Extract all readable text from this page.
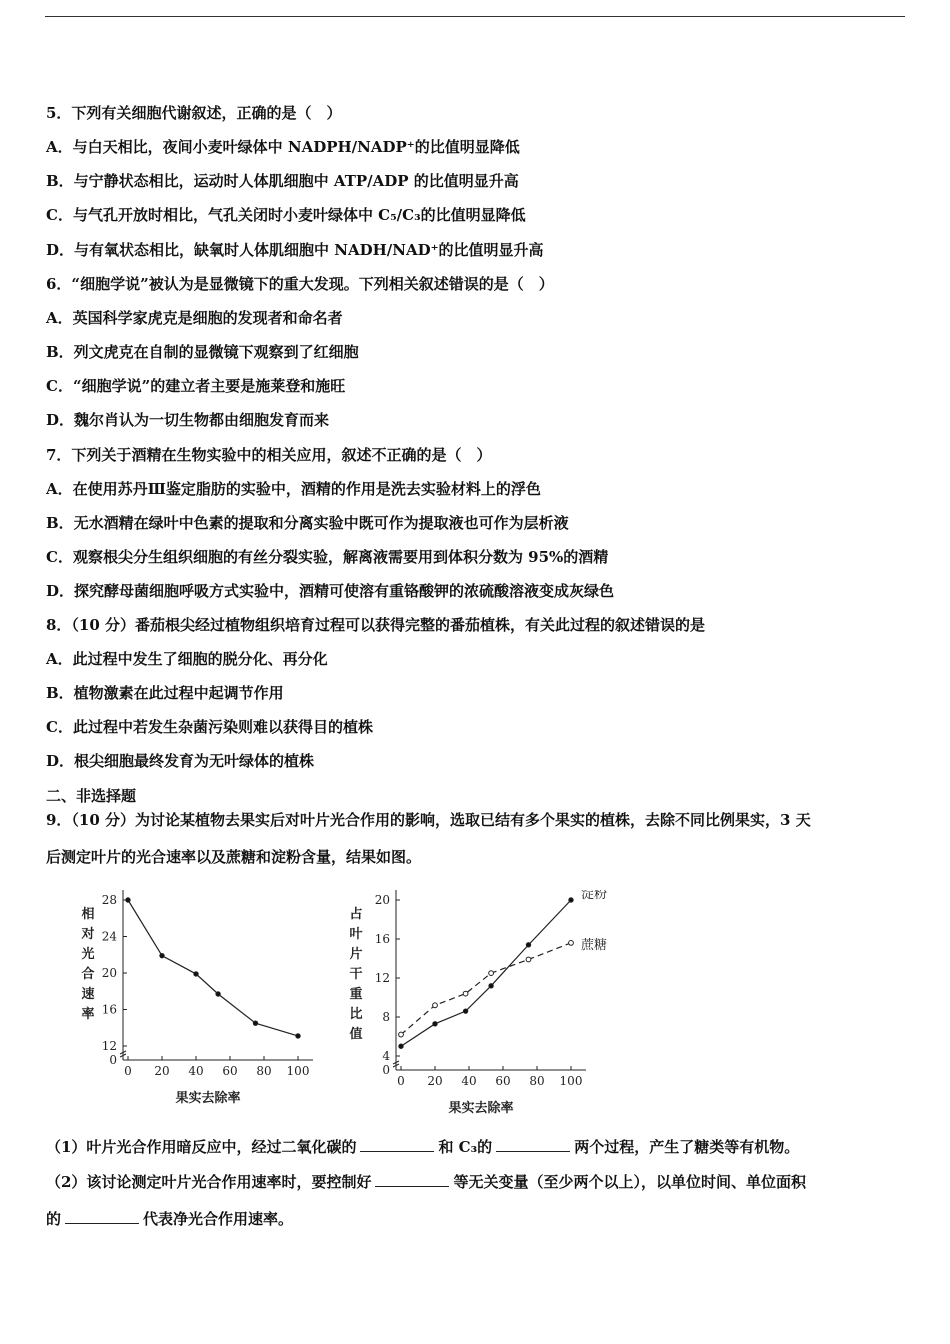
5．下列有关细胞代谢叙述，正确的是（　）
A．与白天相比，夜间小麦叶绿体中 NADPH/NADP⁺的比值明显降低
B．与宁静状态相比，运动时人体肌细胞中 ATP/ADP 的比值明显升高
C．与气孔开放时相比，气孔关闭时小麦叶绿体中 C₅/C₃的比值明显降低
D．与有氧状态相比，缺氧时人体肌细胞中 NADH/NAD⁺的比值明显升高
6．“细胞学说”被认为是显微镜下的重大发现。下列相关叙述错误的是（　）
A．英国科学家虎克是细胞的发现者和命名者
B．列文虎克在自制的显微镜下观察到了红细胞
C．“细胞学说”的建立者主要是施莱登和施旺
D．魏尔肖认为一切生物都由细胞发育而来
7．下列关于酒精在生物实验中的相关应用，叙述不正确的是（　）
A．在使用苏丹Ⅲ鉴定脂肪的实验中，酒精的作用是洗去实验材料上的浮色
B．无水酒精在绿叶中色素的提取和分离实验中既可作为提取液也可作为层析液
C．观察根尖分生组织细胞的有丝分裂实验，解离液需要用到体积分数为 95%的酒精
D．探究酵母菌细胞呼吸方式实验中，酒精可使溶有重铬酸钾的浓硫酸溶液变成灰绿色
8．（10 分）番茄根尖经过植物组织培育过程可以获得完整的番茄植株，有关此过程的叙述错误的是
A．此过程中发生了细胞的脱分化、再分化
B．植物激素在此过程中起调节作用
C．此过程中若发生杂菌污染则难以获得目的植株
D．根尖细胞最终发育为无叶绿体的植株
二、非选择题
9．（10 分）为讨论某植物去果实后对叶片光合作用的影响，选取已结有多个果实的植株，去除不同比例果实，3 天
后测定叶片的光合速率以及蔗糖和淀粉含量，结果如图。
（1）叶片光合作用暗反应中，经过二氧化碳的	和 C₃的	两个过程，产生了糖类等有机物。
（2）该讨论测定叶片光合作用速率时，要控制好	等无关变量（至少两个以上），以单位时间、单位面积
的	代表净光合作用速率。
0
12
16
20
24
28
0 20 40 60 80 100
果实去除率
相
对
光
合
速
率
0
4
8
12
16
20
0 20 40 60 80 100
果实去除率
占
叶
片
干
重
比
值
淀粉
蔗糖
